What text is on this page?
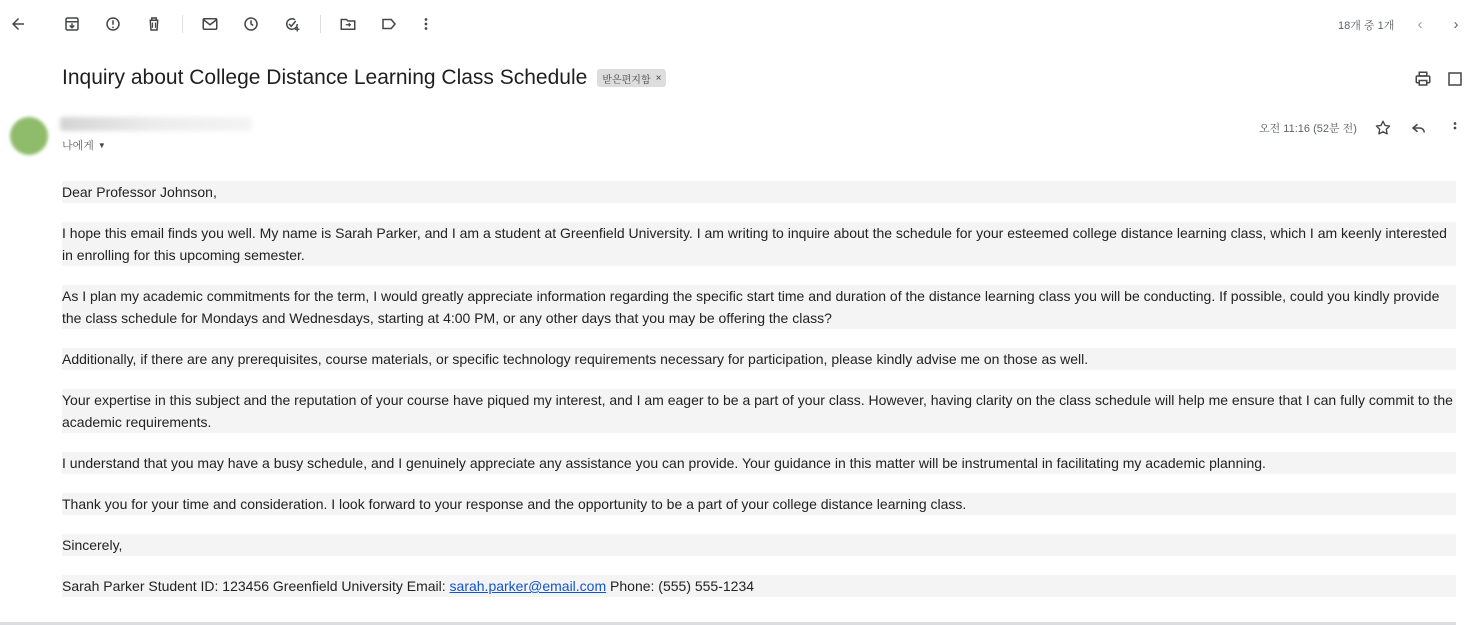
18개 중 1개	‹	›
Inquiry about College Distance Learning Class Schedule 받은편지함 ×
나에게 ▼
오전 11:16 (52분 전)

Dear Professor Johnson,

I hope this email finds you well. My name is Sarah Parker, and I am a student at Greenfield University. I am writing to inquire about the schedule for your esteemed college distance learning class, which I am keenly interested in enrolling for this upcoming semester.

As I plan my academic commitments for the term, I would greatly appreciate information regarding the specific start time and duration of the distance learning class you will be conducting. If possible, could you kindly provide the class schedule for Mondays and Wednesdays, starting at 4:00 PM, or any other days that you may be offering the class?

Additionally, if there are any prerequisites, course materials, or specific technology requirements necessary for participation, please kindly advise me on those as well.

Your expertise in this subject and the reputation of your course have piqued my interest, and I am eager to be a part of your class. However, having clarity on the class schedule will help me ensure that I can fully commit to the academic requirements.

I understand that you may have a busy schedule, and I genuinely appreciate any assistance you can provide. Your guidance in this matter will be instrumental in facilitating my academic planning.

Thank you for your time and consideration. I look forward to your response and the opportunity to be a part of your college distance learning class.

Sincerely,

Sarah Parker Student ID: 123456 Greenfield University Email: sarah.parker@email.com Phone: (555) 555-1234
